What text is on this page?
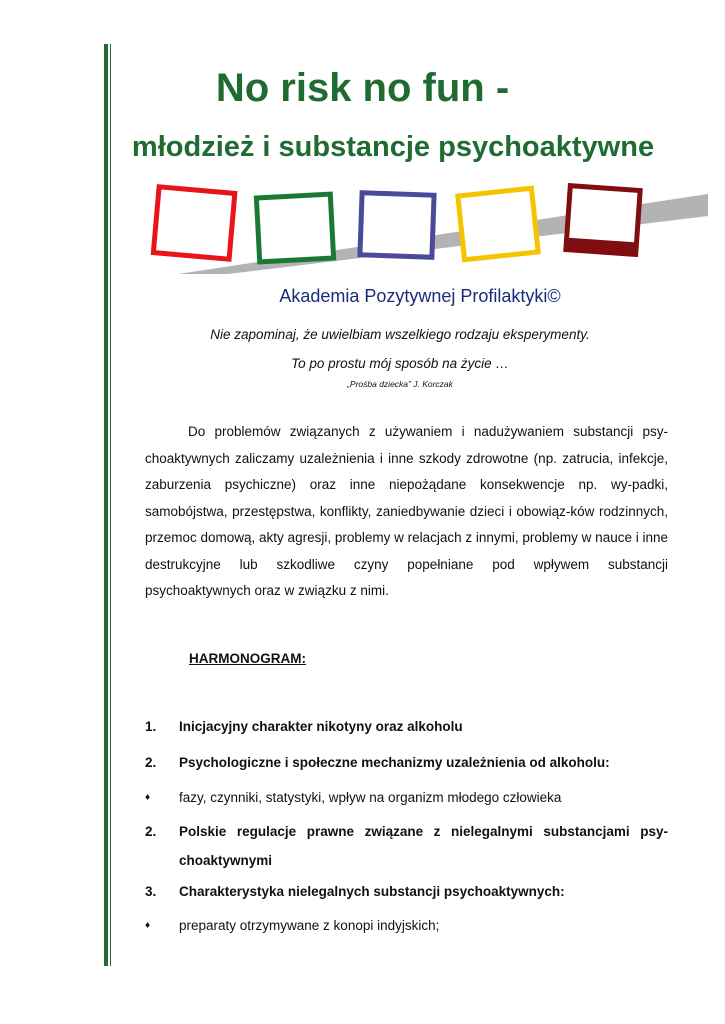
No risk no fun -
młodzież i substancje psychoaktywne

Akademia Pozytywnej Profilaktyki©

Nie zapominaj, że uwielbiam wszelkiego rodzaju eksperymenty.

To po prostu mój sposób na życie …

„Prośba dziecka” J. Korczak

Do problemów związanych z używaniem i nadużywaniem substancji psy-choaktywnych zaliczamy uzależnienia i inne szkody zdrowotne (np. zatrucia, infekcje, zaburzenia psychiczne) oraz inne niepożądane konsekwencje np. wy-padki, samobójstwa, przestępstwa, konflikty, zaniedbywanie dzieci i obowiąz-ków rodzinnych, przemoc domową, akty agresji, problemy w relacjach z innymi, problemy w nauce i inne destrukcyjne lub szkodliwe czyny popełniane pod wpływem substancji psychoaktywnych oraz w związku z nimi.

HARMONOGRAM:

1.	Inicjacyjny charakter nikotyny oraz alkoholu
2.	Psychologiczne i społeczne mechanizmy uzależnienia od alkoholu:
♦	fazy, czynniki, statystyki, wpływ na organizm młodego człowieka
2.	Polskie regulacje prawne związane z nielegalnymi substancjami psy-choaktywnymi
3.	Charakterystyka nielegalnych substancji psychoaktywnych:
♦	preparaty otrzymywane z konopi indyjskich;
